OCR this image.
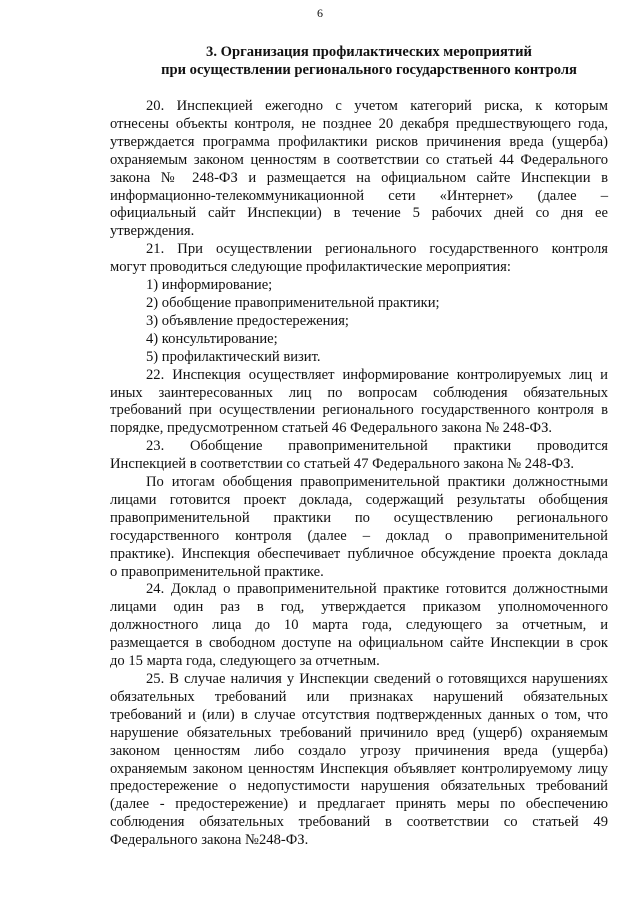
6
3. Организация профилактических мероприятий
при осуществлении регионального государственного контроля
20. Инспекцией ежегодно с учетом категорий риска, к которым
отнесены объекты контроля, не позднее 20 декабря предшествующего года,
утверждается программа профилактики рисков причинения вреда (ущерба)
охраняемым законом ценностям в соответствии со статьей 44 Федерального
закона № 248-ФЗ и размещается на официальном сайте Инспекции в
информационно-телекоммуникационной сети «Интернет» (далее –
официальный сайт Инспекции) в течение 5 рабочих дней со дня ее
утверждения.
21. При осуществлении регионального государственного контроля
могут проводиться следующие профилактические мероприятия:
1) информирование;
2) обобщение правоприменительной практики;
3) объявление предостережения;
4) консультирование;
5) профилактический визит.
22. Инспекция осуществляет информирование контролируемых лиц и
иных заинтересованных лиц по вопросам соблюдения обязательных
требований при осуществлении регионального государственного контроля в
порядке, предусмотренном статьей 46 Федерального закона № 248-ФЗ.
23. Обобщение правоприменительной практики проводится
Инспекцией в соответствии со статьей 47 Федерального закона № 248-ФЗ.
По итогам обобщения правоприменительной практики должностными
лицами готовится проект доклада, содержащий результаты обобщения
правоприменительной практики по осуществлению регионального
государственного контроля (далее – доклад о правоприменительной
практике). Инспекция обеспечивает публичное обсуждение проекта доклада
о правоприменительной практике.
24. Доклад о правоприменительной практике готовится должностными
лицами один раз в год, утверждается приказом уполномоченного
должностного лица до 10 марта года, следующего за отчетным, и
размещается в свободном доступе на официальном сайте Инспекции в срок
до 15 марта года, следующего за отчетным.
25. В случае наличия у Инспекции сведений о готовящихся нарушениях
обязательных требований или признаках нарушений обязательных
требований и (или) в случае отсутствия подтвержденных данных о том, что
нарушение обязательных требований причинило вред (ущерб) охраняемым
законом ценностям либо создало угрозу причинения вреда (ущерба)
охраняемым законом ценностям Инспекция объявляет контролируемому лицу
предостережение о недопустимости нарушения обязательных требований
(далее - предостережение) и предлагает принять меры по обеспечению
соблюдения обязательных требований в соответствии со статьей 49
Федерального закона №248-ФЗ.
